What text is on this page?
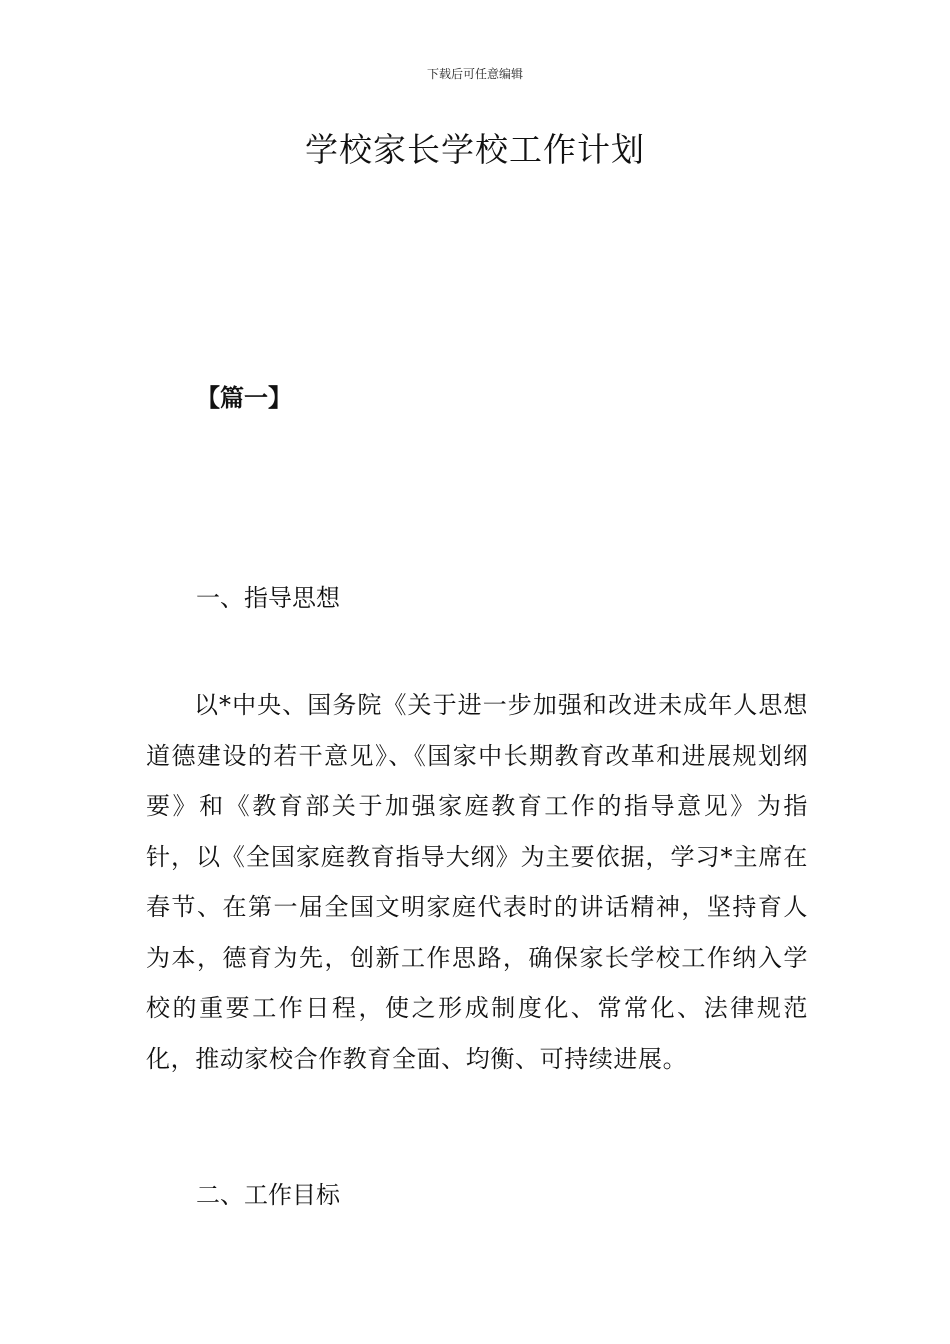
下载后可任意编辑
学校家长学校工作计划
【篇一】
一、指导思想

以*中央、国务院《关于进一步加强和改进未成年人思想道德建设的若干意见》、《国家中长期教育改革和进展规划纲要》和《教育部关于加强家庭教育工作的指导意见》为指针，以《全国家庭教育指导大纲》为主要依据，学习*主席在春节、在第一届全国文明家庭代表时的讲话精神，坚持育人为本，德育为先，创新工作思路，确保家长学校工作纳入学校的重要工作日程，使之形成制度化、常常化、法律规范化，推动家校合作教育全面、均衡、可持续进展。

二、工作目标
